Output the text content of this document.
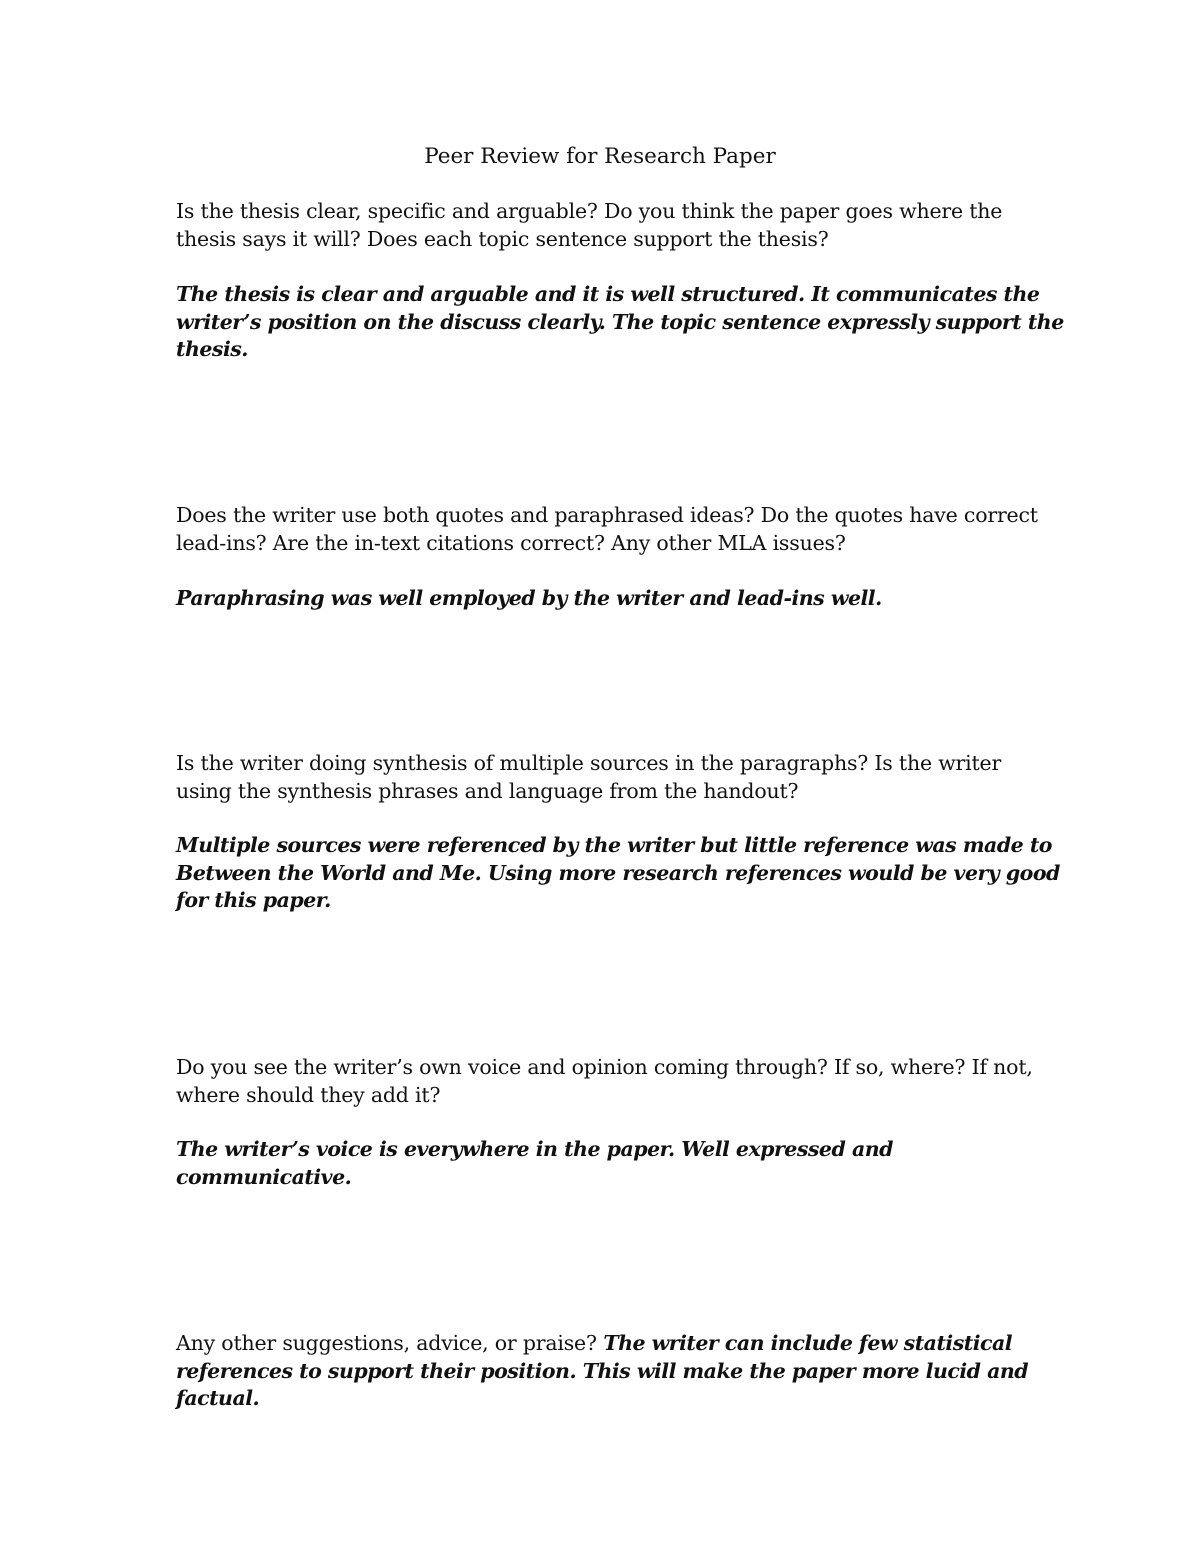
Peer Review for Research Paper
Is the thesis clear, specific and arguable? Do you think the paper goes where the
thesis says it will? Does each topic sentence support the thesis?
The thesis is clear and arguable and it is well structured. It communicates the
writer’s position on the discuss clearly. The topic sentence expressly support the
thesis.
Does the writer use both quotes and paraphrased ideas? Do the quotes have correct
lead-ins? Are the in-text citations correct? Any other MLA issues?
Paraphrasing was well employed by the writer and lead-ins well.
Is the writer doing synthesis of multiple sources in the paragraphs? Is the writer
using the synthesis phrases and language from the handout?
Multiple sources were referenced by the writer but little reference was made to
Between the World and Me. Using more research references would be very good
for this paper.
Do you see the writer’s own voice and opinion coming through? If so, where? If not,
where should they add it?
The writer’s voice is everywhere in the paper. Well expressed and
communicative.
Any other suggestions, advice, or praise? The writer can include few statistical
references to support their position. This will make the paper more lucid and
factual.
